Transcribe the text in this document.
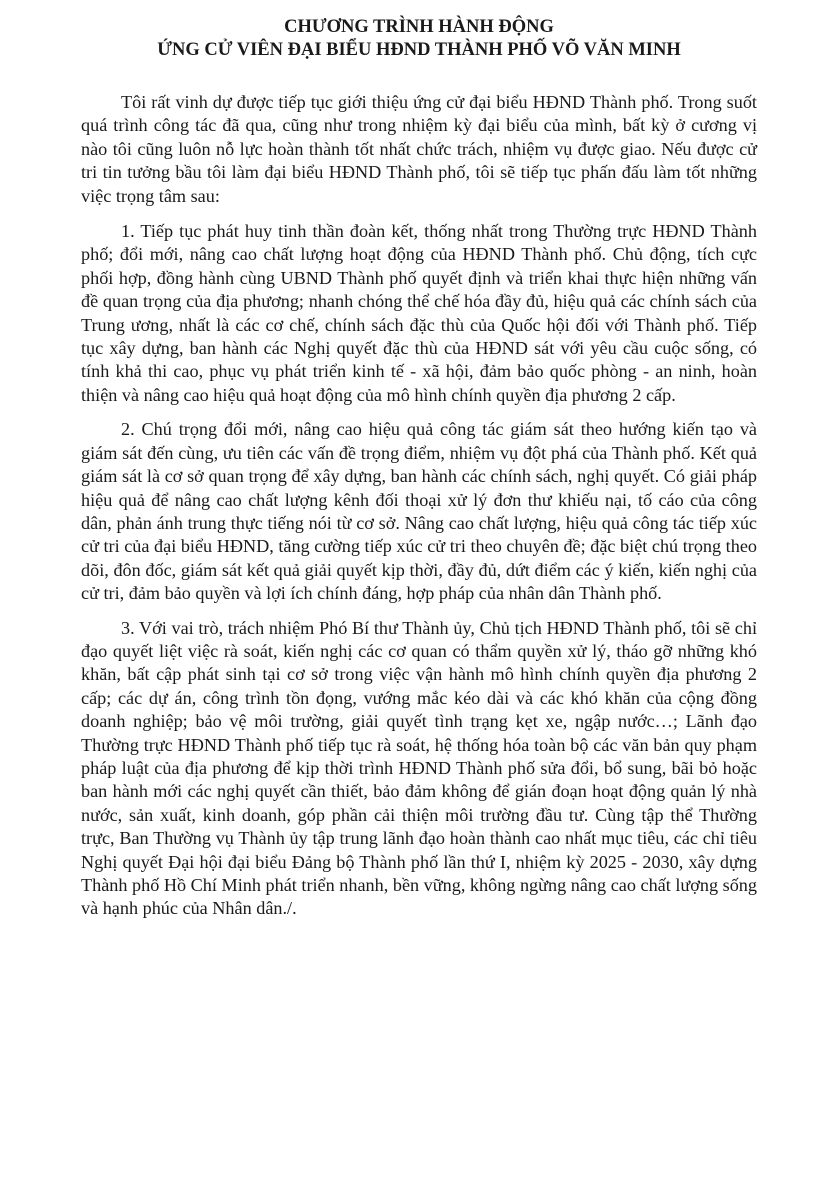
CHƯƠNG TRÌNH HÀNH ĐỘNG
ỨNG CỬ VIÊN ĐẠI BIỂU HĐND THÀNH PHỐ VÕ VĂN MINH

Tôi rất vinh dự được tiếp tục giới thiệu ứng cử đại biểu HĐND Thành phố. Trong suốt quá trình công tác đã qua, cũng như trong nhiệm kỳ đại biểu của mình, bất kỳ ở cương vị nào tôi cũng luôn nỗ lực hoàn thành tốt nhất chức trách, nhiệm vụ được giao. Nếu được cử tri tin tưởng bầu tôi làm đại biểu HĐND Thành phố, tôi sẽ tiếp tục phấn đấu làm tốt những việc trọng tâm sau:

1. Tiếp tục phát huy tinh thần đoàn kết, thống nhất trong Thường trực HĐND Thành phố; đổi mới, nâng cao chất lượng hoạt động của HĐND Thành phố. Chủ động, tích cực phối hợp, đồng hành cùng UBND Thành phố quyết định và triển khai thực hiện những vấn đề quan trọng của địa phương; nhanh chóng thể chế hóa đầy đủ, hiệu quả các chính sách của Trung ương, nhất là các cơ chế, chính sách đặc thù của Quốc hội đối với Thành phố. Tiếp tục xây dựng, ban hành các Nghị quyết đặc thù của HĐND sát với yêu cầu cuộc sống, có tính khả thi cao, phục vụ phát triển kinh tế - xã hội, đảm bảo quốc phòng - an ninh, hoàn thiện và nâng cao hiệu quả hoạt động của mô hình chính quyền địa phương 2 cấp.

2. Chú trọng đổi mới, nâng cao hiệu quả công tác giám sát theo hướng kiến tạo và giám sát đến cùng, ưu tiên các vấn đề trọng điểm, nhiệm vụ đột phá của Thành phố. Kết quả giám sát là cơ sở quan trọng để xây dựng, ban hành các chính sách, nghị quyết. Có giải pháp hiệu quả để nâng cao chất lượng kênh đối thoại xử lý đơn thư khiếu nại, tố cáo của công dân, phản ánh trung thực tiếng nói từ cơ sở. Nâng cao chất lượng, hiệu quả công tác tiếp xúc cử tri của đại biểu HĐND, tăng cường tiếp xúc cử tri theo chuyên đề; đặc biệt chú trọng theo dõi, đôn đốc, giám sát kết quả giải quyết kịp thời, đầy đủ, dứt điểm các ý kiến, kiến nghị của cử tri, đảm bảo quyền và lợi ích chính đáng, hợp pháp của nhân dân Thành phố.

3. Với vai trò, trách nhiệm Phó Bí thư Thành ủy, Chủ tịch HĐND Thành phố, tôi sẽ chỉ đạo quyết liệt việc rà soát, kiến nghị các cơ quan có thẩm quyền xử lý, tháo gỡ những khó khăn, bất cập phát sinh tại cơ sở trong việc vận hành mô hình chính quyền địa phương 2 cấp; các dự án, công trình tồn đọng, vướng mắc kéo dài và các khó khăn của cộng đồng doanh nghiệp; bảo vệ môi trường, giải quyết tình trạng kẹt xe, ngập nước…; Lãnh đạo Thường trực HĐND Thành phố tiếp tục rà soát, hệ thống hóa toàn bộ các văn bản quy phạm pháp luật của địa phương để kịp thời trình HĐND Thành phố sửa đổi, bổ sung, bãi bỏ hoặc ban hành mới các nghị quyết cần thiết, bảo đảm không để gián đoạn hoạt động quản lý nhà nước, sản xuất, kinh doanh, góp phần cải thiện môi trường đầu tư. Cùng tập thể Thường trực, Ban Thường vụ Thành ủy tập trung lãnh đạo hoàn thành cao nhất mục tiêu, các chỉ tiêu Nghị quyết Đại hội đại biểu Đảng bộ Thành phố lần thứ I, nhiệm kỳ 2025 - 2030, xây dựng Thành phố Hồ Chí Minh phát triển nhanh, bền vững, không ngừng nâng cao chất lượng sống và hạnh phúc của Nhân dân./.
